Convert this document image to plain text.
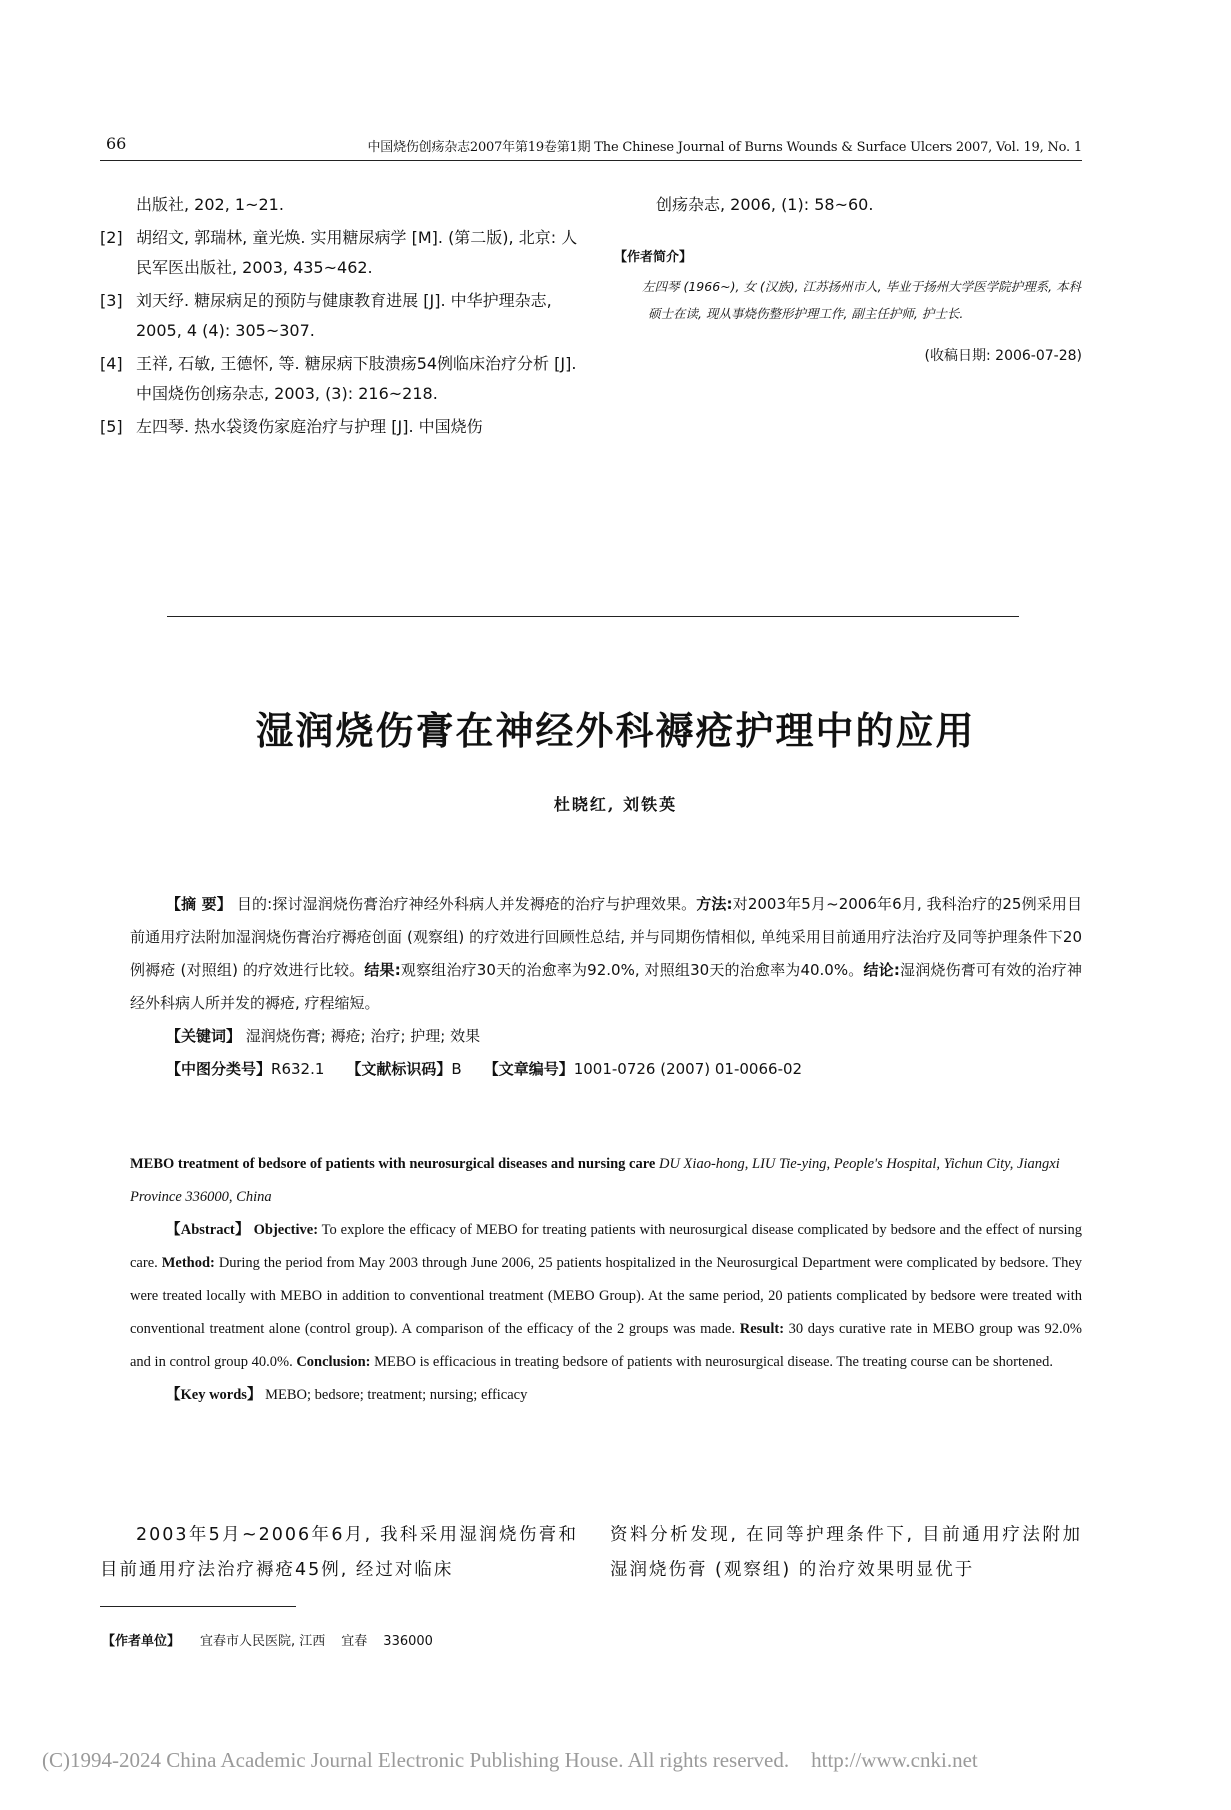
66	中国烧伤创疡杂志2007年第19卷第1期 The Chinese Journal of Burns Wounds & Surface Ulcers 2007, Vol. 19, No. 1
出版社, 202, 1~21.
[2] 胡绍文, 郭瑞林, 童光焕. 实用糖尿病学 [M]. (第二版), 北京: 人民军医出版社, 2003, 435~462.
[3] 刘天纾. 糖尿病足的预防与健康教育进展 [J]. 中华护理杂志, 2005, 4 (4): 305~307.
[4] 王祥, 石敏, 王德怀, 等. 糖尿病下肢溃疡54例临床治疗分析 [J]. 中国烧伤创疡杂志, 2003, (3): 216~218.
[5] 左四琴. 热水袋烫伤家庭治疗与护理 [J]. 中国烧伤
创疡杂志, 2006, (1): 58~60.
【作者简介】
左四琴 (1966~), 女 (汉族), 江苏扬州市人, 毕业于扬州大学医学院护理系, 本科硕士在读, 现从事烧伤整形护理工作, 副主任护师, 护士长.
(收稿日期: 2006-07-28)
湿润烧伤膏在神经外科褥疮护理中的应用
杜晓红, 刘铁英

【摘 要】 目的:探讨湿润烧伤膏治疗神经外科病人并发褥疮的治疗与护理效果。方法:对2003年5月~2006年6月, 我科治疗的25例采用目前通用疗法附加湿润烧伤膏治疗褥疮创面 (观察组) 的疗效进行回顾性总结, 并与同期伤情相似, 单纯采用目前通用疗法治疗及同等护理条件下20例褥疮 (对照组) 的疗效进行比较。结果:观察组治疗30天的治愈率为92.0%, 对照组30天的治愈率为40.0%。结论:湿润烧伤膏可有效的治疗神经外科病人所并发的褥疮, 疗程缩短。

【关键词】 湿润烧伤膏; 褥疮; 治疗; 护理; 效果
【中图分类号】R632.1 【文献标识码】B 【文章编号】1001-0726 (2007) 01-0066-02
MEBO treatment of bedsore of patients with neurosurgical diseases and nursing care DU Xiao-hong, LIU Tie-ying, People's Hospital, Yichun City, Jiangxi Province 336000, China

【Abstract】 Objective: To explore the efficacy of MEBO for treating patients with neurosurgical disease complicated by bedsore and the effect of nursing care. Method: During the period from May 2003 through June 2006, 25 patients hospitalized in the Neurosurgical Department were complicated by bedsore. They were treated locally with MEBO in addition to conventional treatment (MEBO Group). At the same period, 20 patients complicated by bedsore were treated with conventional treatment alone (control group). A comparison of the efficacy of the 2 groups was made. Result: 30 days curative rate in MEBO group was 92.0% and in control group 40.0%. Conclusion: MEBO is efficacious in treating bedsore of patients with neurosurgical disease. The treating course can be shortened.

【Key words】 MEBO; bedsore; treatment; nursing; efficacy
2003年5月~2006年6月, 我科采用湿润烧伤膏和目前通用疗法治疗褥疮45例, 经过对临床
资料分析发现, 在同等护理条件下, 目前通用疗法附加湿润烧伤膏 (观察组) 的治疗效果明显优于
【作者单位】 宜春市人民医院, 江西 宜春 336000
(C)1994-2024 China Academic Journal Electronic Publishing House. All rights reserved. http://www.cnki.net
